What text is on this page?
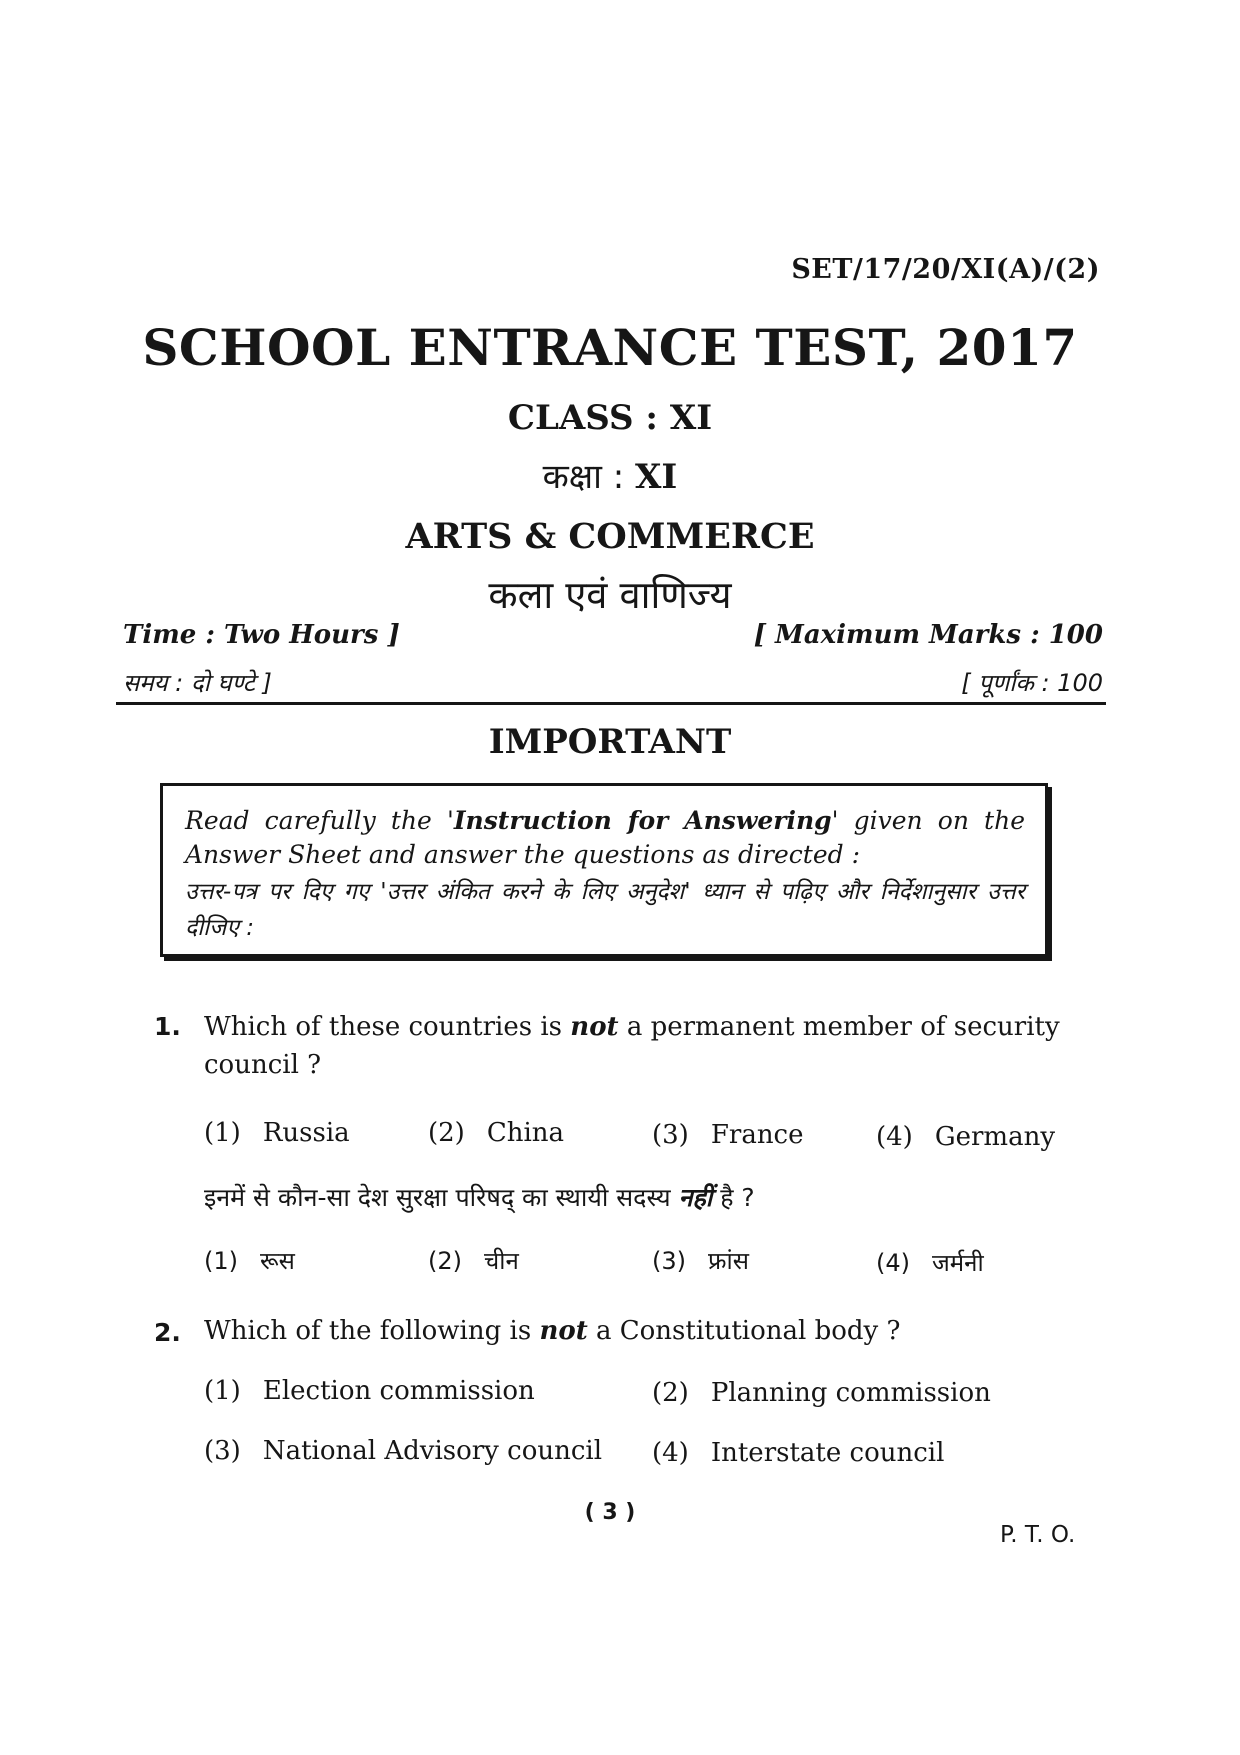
SET/17/20/XI(A)/(2)
SCHOOL ENTRANCE TEST, 2017
CLASS : XI
कक्षा : XI
ARTS & COMMERCE
कला एवं वाणिज्य
Time : Two Hours ]	[ Maximum Marks : 100
समय : दो घण्टे ]	[ पूर्णांक : 100
IMPORTANT
Read carefully the 'Instruction for Answering' given on the Answer Sheet and answer the questions as directed :
उत्तर-पत्र पर दिए गए 'उत्तर अंकित करने के लिए अनुदेश' ध्यान से पढ़िए और निर्देशानुसार उत्तर दीजिए :
1. Which of these countries is not a permanent member of security council ?
(1) Russia	(2) China	(3) France	(4) Germany
इनमें से कौन-सा देश सुरक्षा परिषद् का स्थायी सदस्य नहीं है ?
(1) रूस	(2) चीन	(3) फ्रांस	(4) जर्मनी
2. Which of the following is not a Constitutional body ?
(1) Election commission	(2) Planning commission
(3) National Advisory council (4) Interstate council
( 3 )
P. T. O.
